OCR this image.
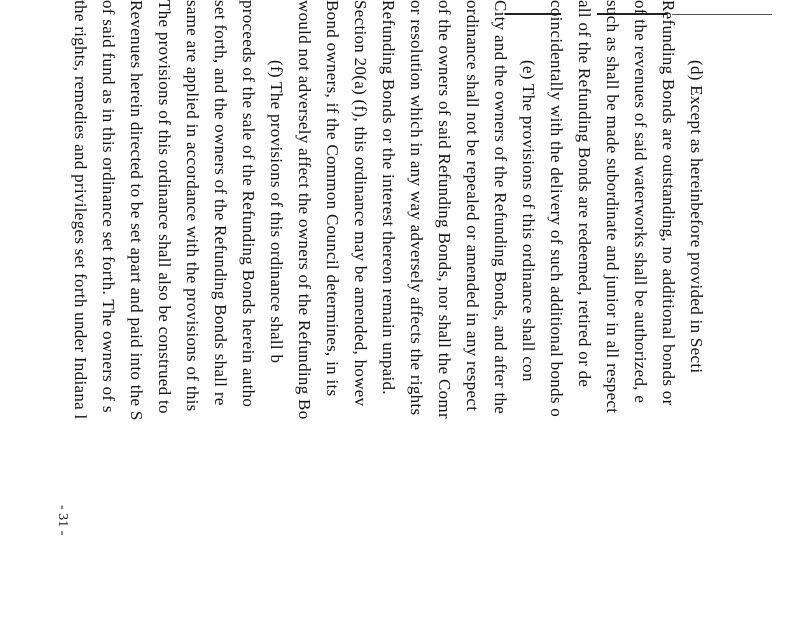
(d) Except as hereinbefore provided in Secti
Refunding Bonds are outstanding, no additional bonds or
of the revenues of said waterworks shall be authorized, e
such as shall be made subordinate and junior in all respect
all of the Refunding Bonds are redeemed, retired or de
coincidentally with the delivery of such additional bonds o
(e) The provisions of this ordinance shall con
City and the owners of the Refunding Bonds, and after the
ordinance shall not be repealed or amended in any respect
of the owners of said Refunding Bonds, nor shall the Comr
or resolution which in any way adversely affects the rights
Refunding Bonds or the interest thereon remain unpaid.
Section 20(a) (f), this ordinance may be amended, howev
Bond owners, if the Common Council determines, in its
would not adversely affect the owners of the Refunding Bo
(f) The provisions of this ordinance shall b
proceeds of the sale of the Refunding Bonds herein autho
set forth, and the owners of the Refunding Bonds shall re
same are applied in accordance with the provisions of this
The provisions of this ordinance shall also be construed to
Revenues herein directed to be set apart and paid into the S
of said fund as in this ordinance set forth. The owners of s
the rights, remedies and privileges set forth under Indiana l
- 31 -
